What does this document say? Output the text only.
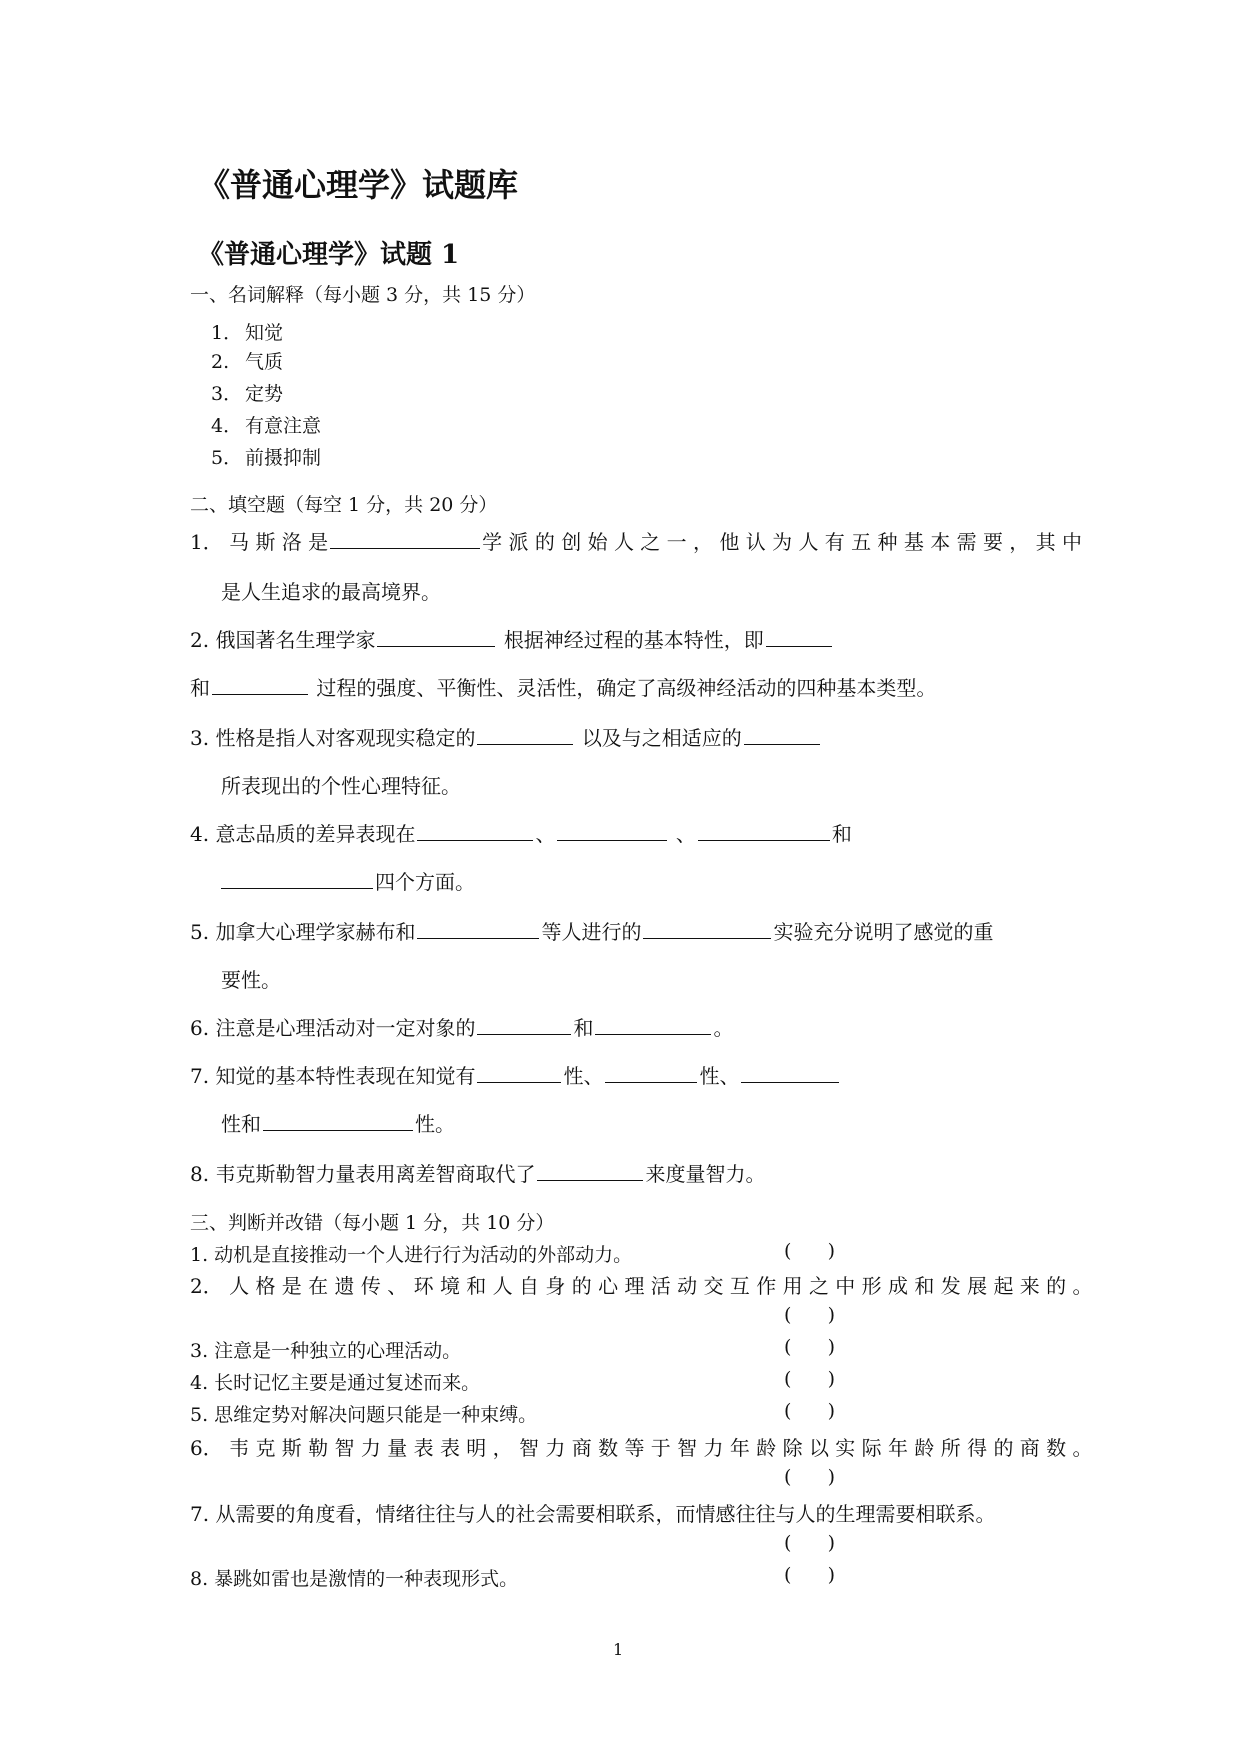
《普通心理学》试题库
《普通心理学》试题 1
一、名词解释（每小题 3 分，共 15 分）
1． 知觉
2. 气质
3． 定势
4． 有意注意
5． 前摄抑制
二、填空题（每空 1 分，共 20 分）
1． 马 斯 洛 是	学 派 的 创 始 人 之 一 ， 他 认 为 人 有 五 种 基 本 需 要 ， 其 中
是人生追求的最高境界。
2. 俄国著名生理学家	根据神经过程的基本特性，即
和	过程的强度、平衡性、灵活性，确定了高级神经活动的四种基本类型。
3. 性格是指人对客观现实稳定的	以及与之相适应的
所表现出的个性心理特征。
4. 意志品质的差异表现在	、	、	和
四个方面。
5. 加拿大心理学家赫布和	等人进行的	实验充分说明了感觉的重
要性。
6. 注意是心理活动对一定对象的	和	。
7. 知觉的基本特性表现在知觉有	性、	性、
性和	性。
8. 韦克斯勒智力量表用离差智商取代了	来度量智力。
三、判断并改错（每小题 1 分，共 10 分）
1. 动机是直接推动一个人进行行为活动的外部动力。	(      )
2． 人 格 是 在 遗 传 、 环 境 和 人 自 身 的 心 理 活 动 交 互 作 用 之 中 形 成 和 发 展 起 来 的 。
(      )
3. 注意是一种独立的心理活动。	(      )
4. 长时记忆主要是通过复述而来。	(      )
5. 思维定势对解决问题只能是一种束缚。	(      )
6． 韦 克 斯 勒 智 力 量 表 表 明 ， 智 力 商 数 等 于 智 力 年 龄 除 以 实 际 年 龄 所 得 的 商 数 。
(      )
7. 从需要的角度看，情绪往往与人的社会需要相联系，而情感往往与人的生理需要相联系。
(      )
8. 暴跳如雷也是激情的一种表现形式。	(      )
1
